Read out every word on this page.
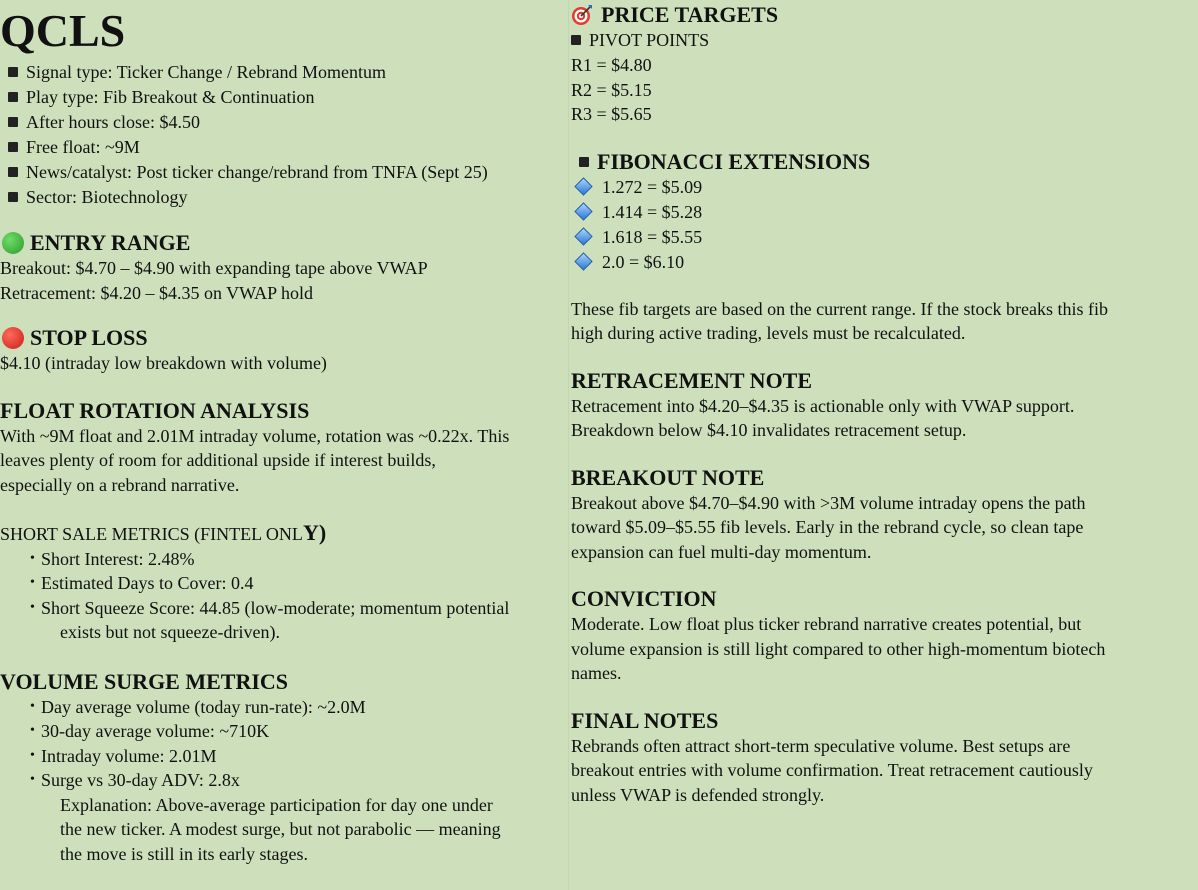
QCLS
Signal type: Ticker Change / Rebrand Momentum
Play type: Fib Breakout & Continuation
After hours close: $4.50
Free float: ~9M
News/catalyst: Post ticker change/rebrand from TNFA (Sept 25)
Sector: Biotechnology
ENTRY RANGE

Breakout: $4.70 – $4.90 with expanding tape above VWAP

Retracement: $4.20 – $4.35 on VWAP hold

STOP LOSS

$4.10 (intraday low breakdown with volume)

FLOAT ROTATION ANALYSIS

With ~9M float and 2.01M intraday volume, rotation was ~0.22x. This

leaves plenty of room for additional upside if interest builds,

especially on a rebrand narrative.

SHORT SALE METRICS (FINTEL ONLY)
• Short Interest: 2.48%
• Estimated Days to Cover: 0.4
• Short Squeeze Score: 44.85 (low-moderate; momentum potential

exists but not squeeze-driven).

VOLUME SURGE METRICS
• Day average volume (today run-rate): ~2.0M
• 30-day average volume: ~710K
• Intraday volume: 2.01M
• Surge vs 30-day ADV: 2.8x

Explanation: Above-average participation for day one under

the new ticker. A modest surge, but not parabolic — meaning

the move is still in its early stages.

PRICE TARGETS
PIVOT POINTS

R1 = $4.80

R2 = $5.15

R3 = $5.65

FIBONACCI EXTENSIONS
1.272 = $5.09
1.414 = $5.28
1.618 = $5.55
2.0 = $6.10

These fib targets are based on the current range. If the stock breaks this fib

high during active trading, levels must be recalculated.

RETRACEMENT NOTE

Retracement into $4.20–$4.35 is actionable only with VWAP support.

Breakdown below $4.10 invalidates retracement setup.

BREAKOUT NOTE

Breakout above $4.70–$4.90 with >3M volume intraday opens the path

toward $5.09–$5.55 fib levels. Early in the rebrand cycle, so clean tape

expansion can fuel multi-day momentum.

CONVICTION

Moderate. Low float plus ticker rebrand narrative creates potential, but

volume expansion is still light compared to other high-momentum biotech

names.

FINAL NOTES

Rebrands often attract short-term speculative volume. Best setups are

breakout entries with volume confirmation. Treat retracement cautiously

unless VWAP is defended strongly.
